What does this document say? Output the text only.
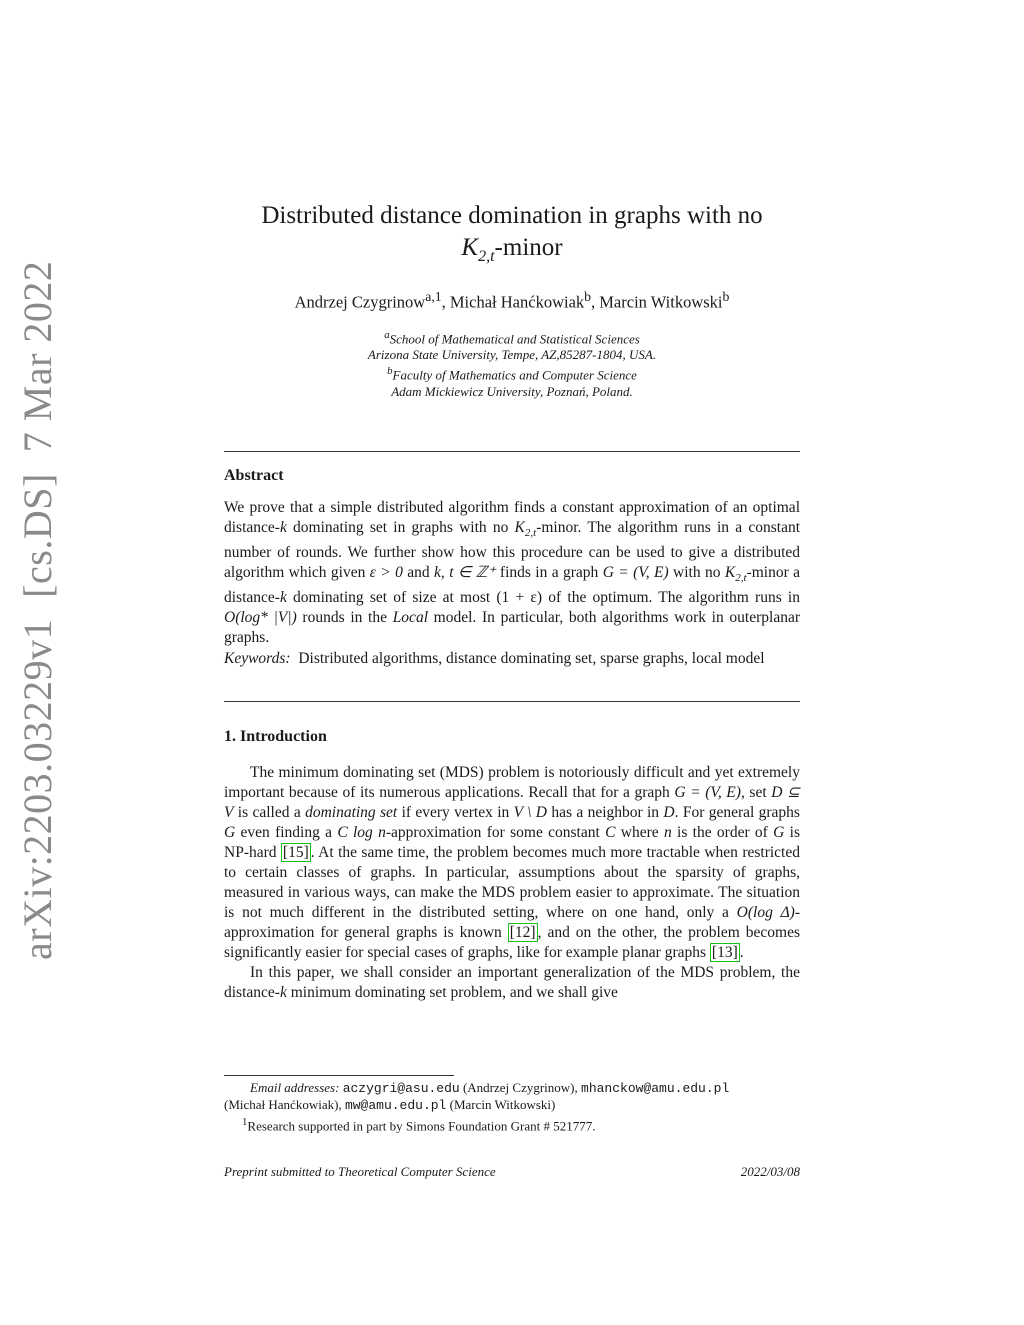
arXiv:2203.03229v1  [cs.DS]  7 Mar 2022
Distributed distance domination in graphs with no
$K_{2,t}$-minor
Andrzej Czygrinow$^{a,1}$, Michał Hanćkowiak$^b$, Marcin Witkowski$^b$
$^a$School of Mathematical and Statistical Sciences
Arizona State University, Tempe, AZ,85287-1804, USA.
$^b$Faculty of Mathematics and Computer Science
Adam Mickiewicz University, Poznań, Poland.
Abstract

We prove that a simple distributed algorithm finds a constant approximation of an optimal distance-k dominating set in graphs with no $K_{2,t}$-minor. The algorithm runs in a constant number of rounds. We further show how this procedure can be used to give a distributed algorithm which given ε > 0 and k, t ∈ ℤ⁺ finds in a graph G = (V, E) with no $K_{2,t}$-minor a distance-k dominating set of size at most (1 + ε) of the optimum. The algorithm runs in O(log* |V|) rounds in the Local model. In particular, both algorithms work in outerplanar graphs.

Keywords: Distributed algorithms, distance dominating set, sparse graphs, local model
1. Introduction

The minimum dominating set (MDS) problem is notoriously difficult and yet extremely important because of its numerous applications. Recall that for a graph G = (V, E), set D ⊆ V is called a dominating set if every vertex in V \ D has a neighbor in D. For general graphs G even finding a C log n-approximation for some constant C where n is the order of G is NP-hard [15] . At the same time, the problem becomes much more tractable when restricted to certain classes of graphs. In particular, assumptions about the sparsity of graphs, measured in various ways, can make the MDS problem easier to approximate. The situation is not much different in the distributed setting, where on one hand, only a O(log Δ)-approximation for general graphs is known [12] , and on the other, the problem becomes significantly easier for special cases of graphs, like for example planar graphs [13] .

In this paper, we shall consider an important generalization of the MDS problem, the distance-k minimum dominating set problem, and we shall give

Email addresses: aczygri@asu.edu (Andrzej Czygrinow), mhanckow@amu.edu.pl

(Michał Hanćkowiak), mw@amu.edu.pl (Marcin Witkowski)

$^1$Research supported in part by Simons Foundation Grant # 521777.

Preprint submitted to Theoretical Computer Science	2022/03/08
